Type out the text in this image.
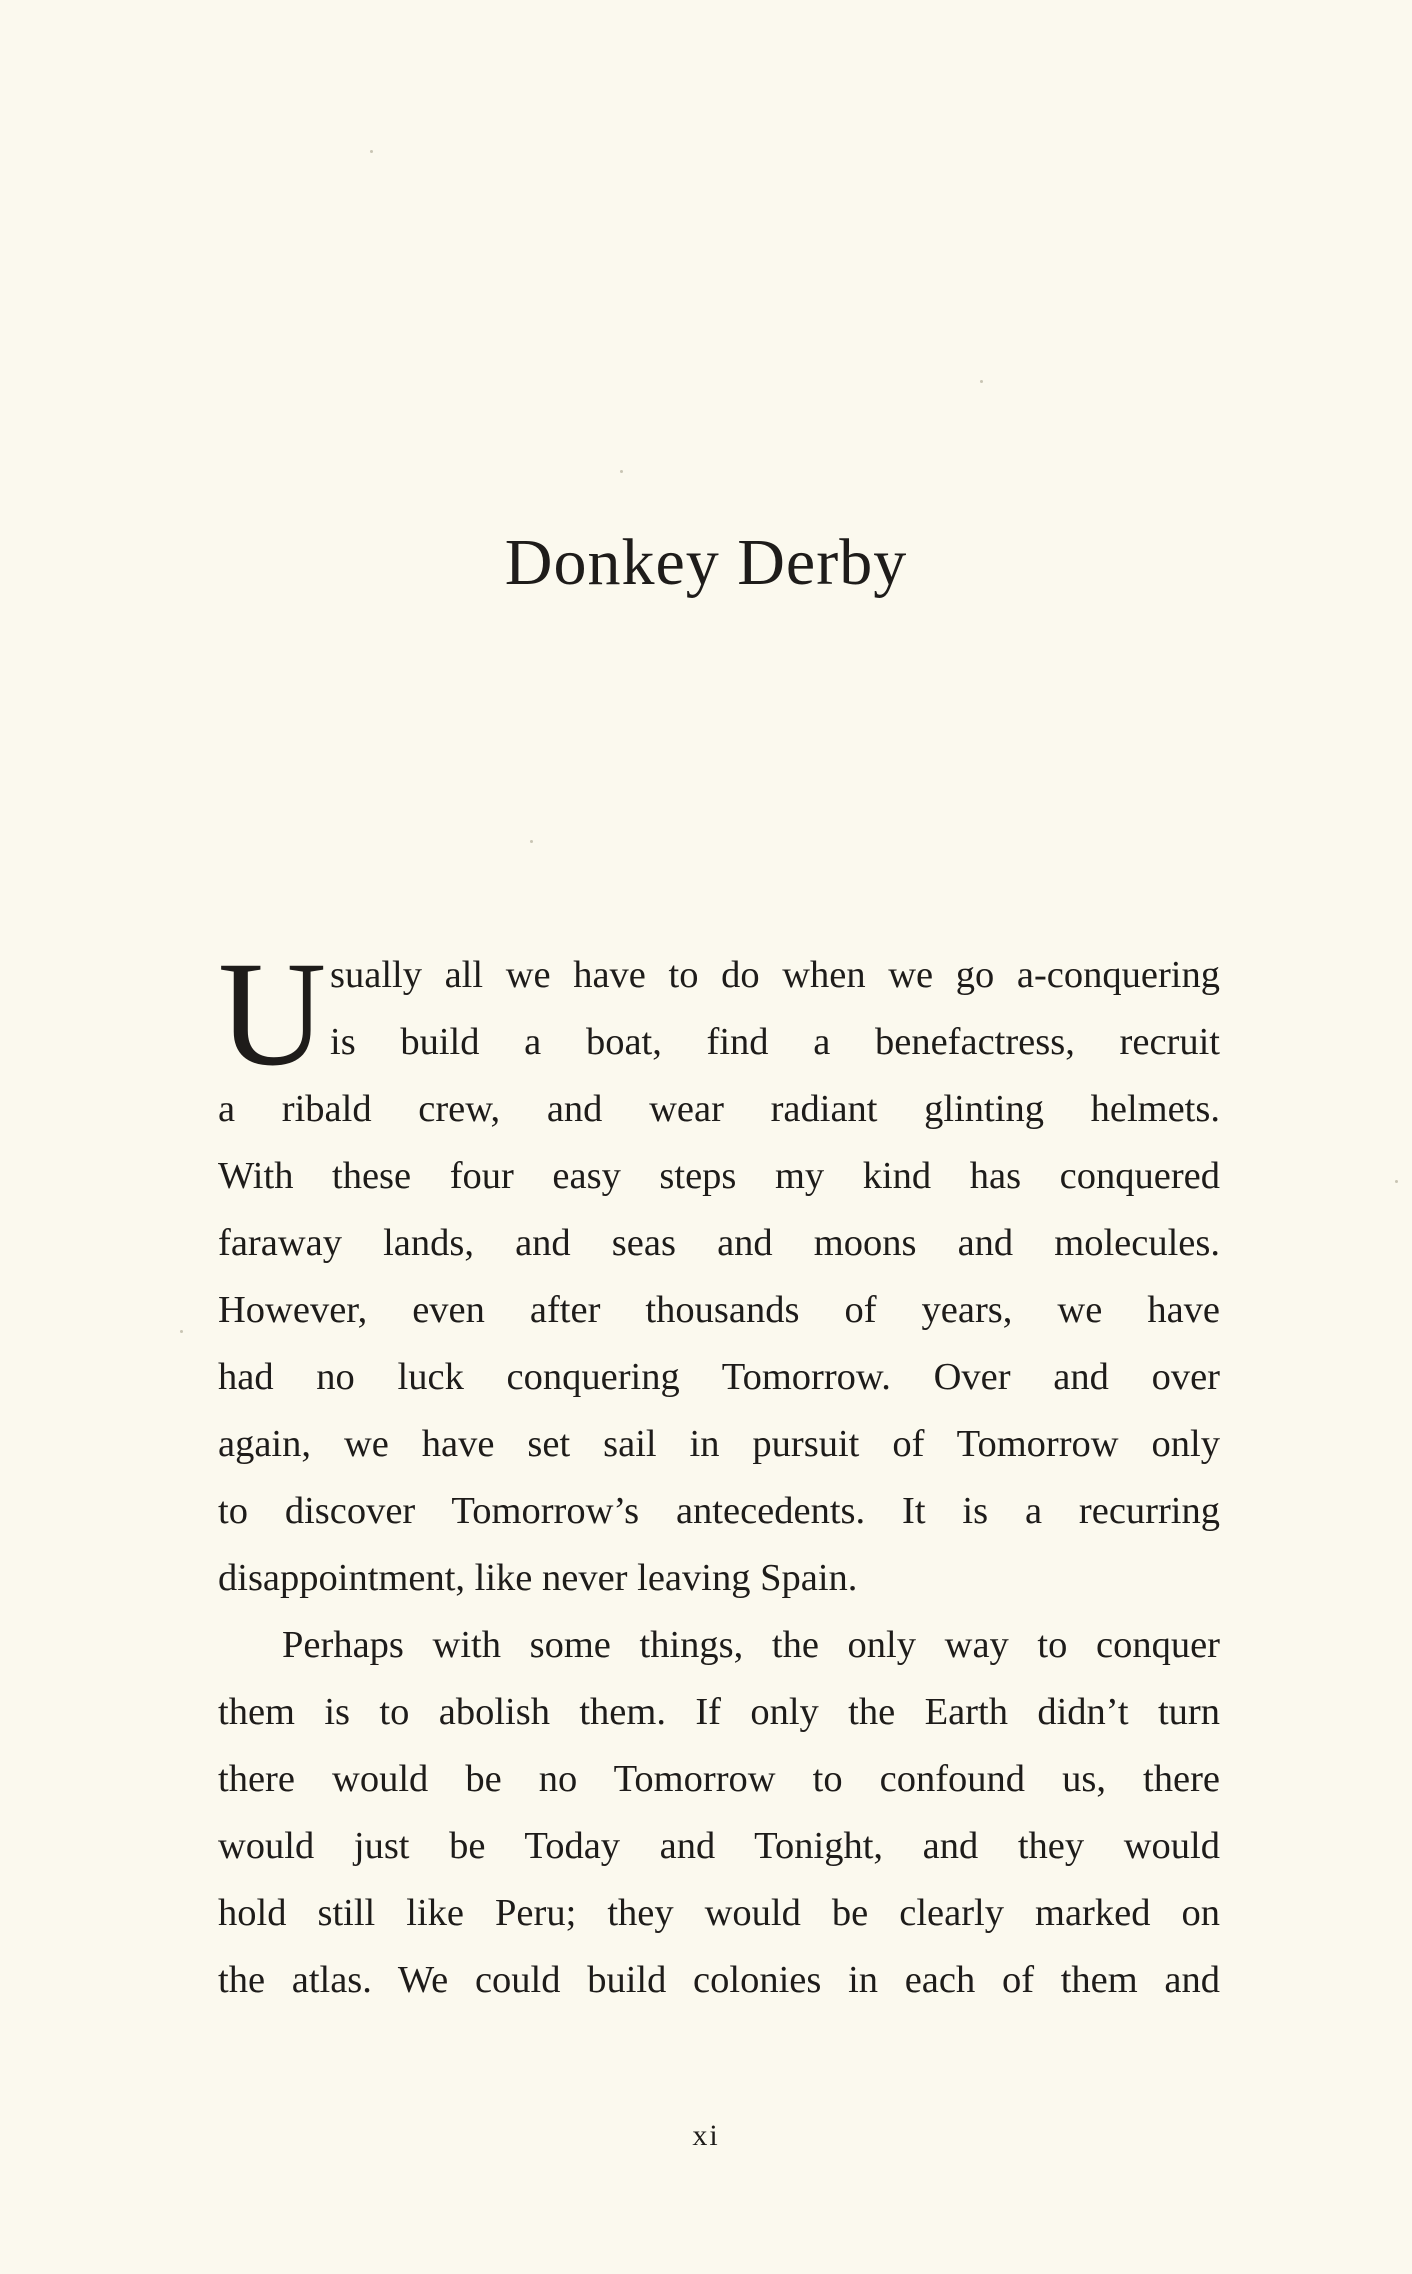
Donkey Derby
U sually all we have to do when we go a-conquering
is build a boat, find a benefactress, recruit
a ribald crew, and wear radiant glinting helmets.
With these four easy steps my kind has conquered
faraway lands, and seas and moons and molecules.
However, even after thousands of years, we have
had no luck conquering Tomorrow. Over and over
again, we have set sail in pursuit of Tomorrow only
to discover Tomorrow’s antecedents. It is a recurring
disappointment, like never leaving Spain.
Perhaps with some things, the only way to conquer
them is to abolish them. If only the Earth didn’t turn
there would be no Tomorrow to confound us, there
would just be Today and Tonight, and they would
hold still like Peru; they would be clearly marked on
the atlas. We could build colonies in each of them and
xi
